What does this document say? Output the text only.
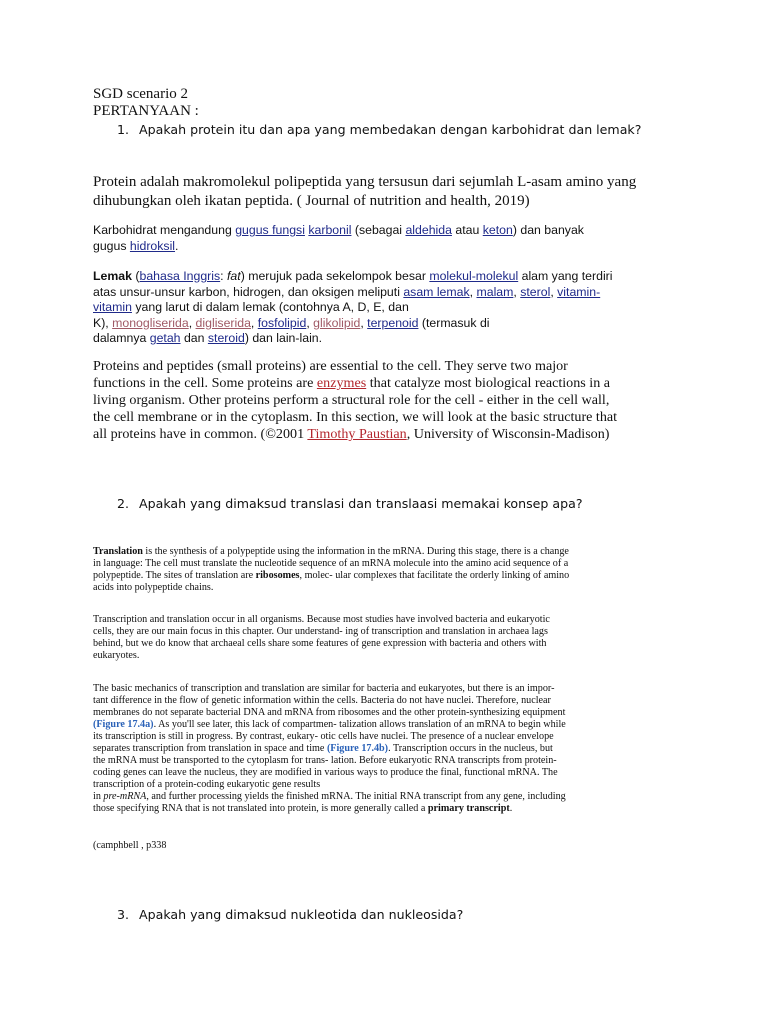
SGD scenario 2

PERTANYAAN :

1. Apakah protein itu dan apa yang membedakan dengan karbohidrat dan lemak?

Protein adalah makromolekul polipeptida yang tersusun dari sejumlah L-asam amino yang

dihubungkan oleh ikatan peptida. ( Journal of nutrition and health, 2019)

Karbohidrat mengandung gugus fungsi karbonil (sebagai aldehida atau keton) dan banyak

gugus hidroksil.

Lemak (bahasa Inggris: fat) merujuk pada sekelompok besar molekul-molekul alam yang terdiri

atas unsur-unsur karbon, hidrogen, dan oksigen meliputi asam lemak, malam, sterol, vitamin-

vitamin yang larut di dalam lemak (contohnya A, D, E, dan

K), monogliserida, digliserida, fosfolipid, glikolipid, terpenoid (termasuk di

dalamnya getah dan steroid) dan lain-lain.

Proteins and peptides (small proteins) are essential to the cell. They serve two major

functions in the cell. Some proteins are enzymes that catalyze most biological reactions in a

living organism. Other proteins perform a structural role for the cell - either in the cell wall,

the cell membrane or in the cytoplasm. In this section, we will look at the basic structure that

all proteins have in common. (©2001 Timothy Paustian, University of Wisconsin-Madison)

2. Apakah yang dimaksud translasi dan translaasi memakai konsep apa?

Translation is the synthesis of a polypeptide using the information in the mRNA. During this stage, there is a change

in language: The cell must translate the nucleotide sequence of an mRNA molecule into the amino acid sequence of a

polypeptide. The sites of translation are ribosomes, molec- ular complexes that facilitate the orderly linking of amino

acids into polypeptide chains.

Transcription and translation occur in all organisms. Because most studies have involved bacteria and eukaryotic

cells, they are our main focus in this chapter. Our understand- ing of transcription and translation in archaea lags

behind, but we do know that archaeal cells share some features of gene expression with bacteria and others with

eukaryotes.

The basic mechanics of transcription and translation are similar for bacteria and eukaryotes, but there is an impor-

tant difference in the flow of genetic information within the cells. Bacteria do not have nuclei. Therefore, nuclear

membranes do not separate bacterial DNA and mRNA from ribosomes and the other protein-synthesizing equipment

(Figure 17.4a). As you'll see later, this lack of compartmen- talization allows translation of an mRNA to begin while

its transcription is still in progress. By contrast, eukary- otic cells have nuclei. The presence of a nuclear envelope

separates transcription from translation in space and time (Figure 17.4b). Transcription occurs in the nucleus, but

the mRNA must be transported to the cytoplasm for trans- lation. Before eukaryotic RNA transcripts from protein-

coding genes can leave the nucleus, they are modified in various ways to produce the final, functional mRNA. The

transcription of a protein-coding eukaryotic gene results

in pre-mRNA, and further processing yields the finished mRNA. The initial RNA transcript from any gene, including

those specifying RNA that is not translated into protein, is more generally called a primary transcript.

(camphbell , p338

3. Apakah yang dimaksud nukleotida dan nukleosida?
